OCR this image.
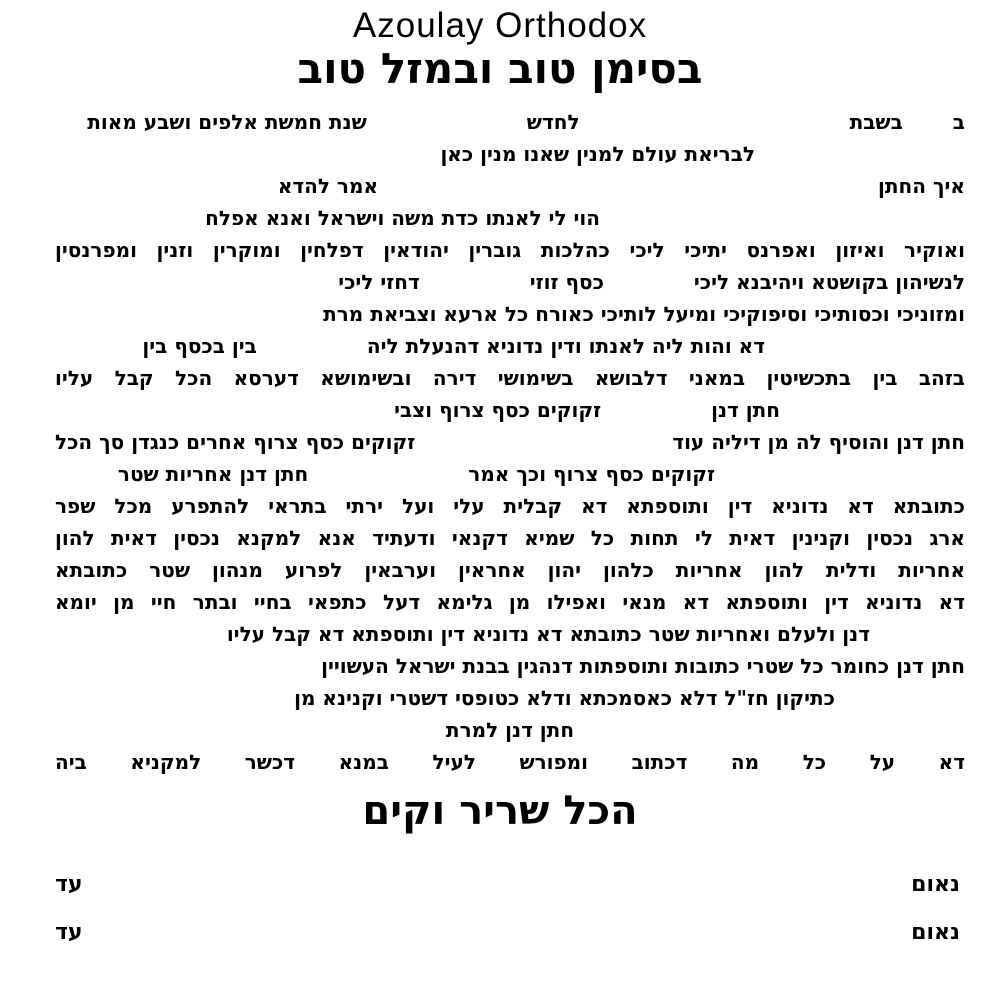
Azoulay Orthodox
בסימן טוב ובמזל טוב
בבשבתלחדששנת חמשת אלפים ושבע מאות
לבריאת עולם למנין שאנו מנין כאן
איך החתןאמר להדא
הוי לי לאנתו כדת משה וישראל ואנא אפלח
ואוקיר ואיזון ואפרנס יתיכי ליכי כהלכות גוברין יהודאין דפלחין ומוקרין וזנין ומפרנסין
לנשיהון בקושטא ויהיבנא ליכיכסף זוזידחזי ליכי
ומזוניכי וכסותיכי וסיפוקיכי ומיעל לותיכי כאורח כל ארעא וצביאת מרת
דא והות ליה לאנתו ודין נדוניא דהנעלת ליהבין בכסף בין
בזהב בין בתכשיטין במאני דלבושא בשימושי דירה ובשימושא דערסא הכל קבל עליו
חתן דנןזקוקים כסף צרוף וצבי
חתן דנן והוסיף לה מן דיליה עוד
זקוקים כסף צרוף אחרים כנגדן סך הכל
זקוקים כסף צרוף וכך אמרחתן דנן אחריות שטר
כתובתא דא נדוניא דין ותוספתא דא קבלית עלי ועל ירתי בתראי להתפרע מכל שפר
ארג נכסין וקנינין דאית לי תחות כל שמיא דקנאי ודעתיד אנא למקנא נכסין דאית להון
אחריות ודלית להון אחריות כלהון יהון אחראין וערבאין לפרוע מנהון שטר כתובתא
דא נדוניא דין ותוספתא דא מנאי ואפילו מן גלימא דעל כתפאי בחיי ובתר חיי מן יומא
דנן ולעלם ואחריות שטר כתובתא דא נדוניא דין ותוספתא דא קבל עליו
חתן דנן כחומר כל שטרי כתובות ותוספתות דנהגין בבנת ישראל העשויין
כתיקון חז"ל דלא כאסמכתא ודלא כטופסי דשטרי וקנינא מן
חתן דנן למרת
דא על כל מה דכתוב ומפורש לעיל במנא דכשר למקניא ביה
הכל שריר וקים
נאום
עד
נאום
עד
